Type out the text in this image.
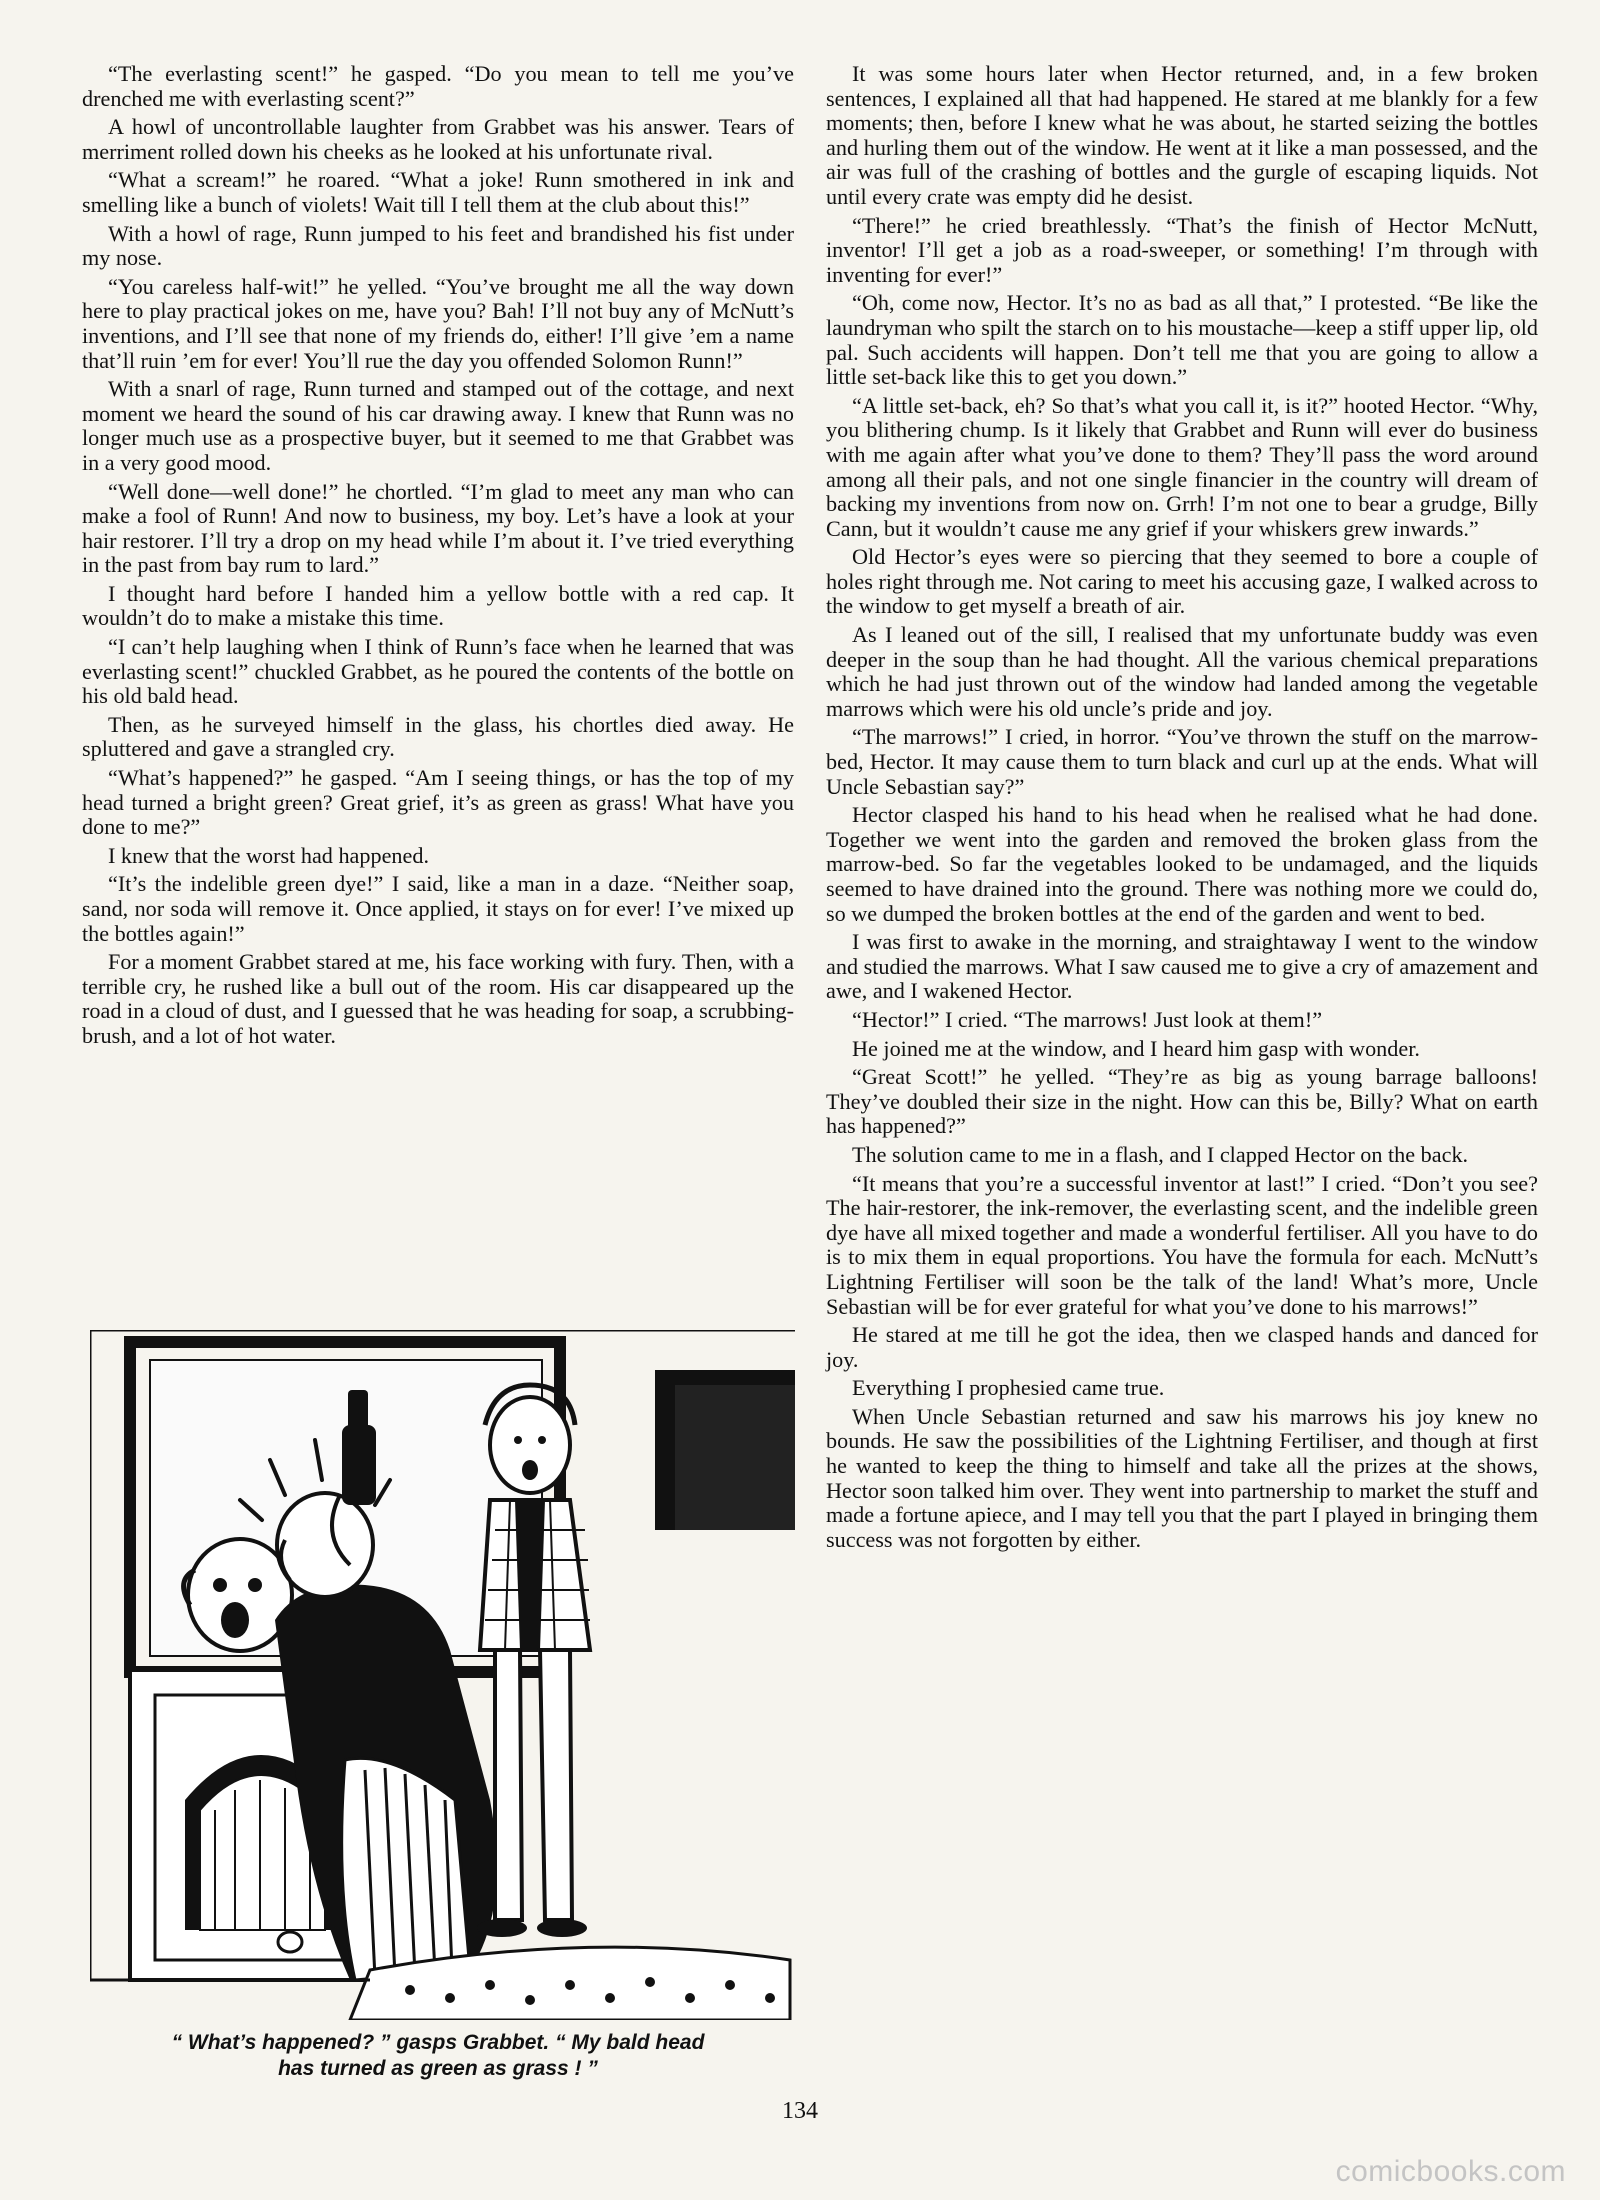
“The everlasting scent!” he gasped. “Do you mean to tell me you’ve drenched me with everlasting scent?”

A howl of uncontrollable laughter from Grabbet was his answer. Tears of merriment rolled down his cheeks as he looked at his unfortunate rival.

“What a scream!” he roared. “What a joke! Runn smothered in ink and smelling like a bunch of violets! Wait till I tell them at the club about this!”

With a howl of rage, Runn jumped to his feet and brandished his fist under my nose.

“You careless half-wit!” he yelled. “You’ve brought me all the way down here to play practical jokes on me, have you? Bah! I’ll not buy any of McNutt’s inventions, and I’ll see that none of my friends do, either! I’ll give ’em a name that’ll ruin ’em for ever! You’ll rue the day you offended Solomon Runn!”

With a snarl of rage, Runn turned and stamped out of the cottage, and next moment we heard the sound of his car drawing away. I knew that Runn was no longer much use as a prospective buyer, but it seemed to me that Grabbet was in a very good mood.

“Well done—well done!” he chortled. “I’m glad to meet any man who can make a fool of Runn! And now to business, my boy. Let’s have a look at your hair restorer. I’ll try a drop on my head while I’m about it. I’ve tried everything in the past from bay rum to lard.”

I thought hard before I handed him a yellow bottle with a red cap. It wouldn’t do to make a mistake this time.

“I can’t help laughing when I think of Runn’s face when he learned that was everlasting scent!” chuckled Grabbet, as he poured the contents of the bottle on his old bald head.

Then, as he surveyed himself in the glass, his chortles died away. He spluttered and gave a strangled cry.

“What’s happened?” he gasped. “Am I seeing things, or has the top of my head turned a bright green? Great grief, it’s as green as grass! What have you done to me?”

I knew that the worst had happened.

“It’s the indelible green dye!” I said, like a man in a daze. “Neither soap, sand, nor soda will remove it. Once applied, it stays on for ever! I’ve mixed up the bottles again!”

For a moment Grabbet stared at me, his face working with fury. Then, with a terrible cry, he rushed like a bull out of the room. His car disappeared up the road in a cloud of dust, and I guessed that he was heading for soap, a scrubbing-brush, and a lot of hot water.

“ What’s happened? ” gasps Grabbet. “ My bald head
has turned as green as grass ! ”

It was some hours later when Hector returned, and, in a few broken sentences, I explained all that had happened. He stared at me blankly for a few moments; then, before I knew what he was about, he started seizing the bottles and hurling them out of the window. He went at it like a man possessed, and the air was full of the crashing of bottles and the gurgle of escaping liquids. Not until every crate was empty did he desist.

“There!” he cried breathlessly. “That’s the finish of Hector McNutt, inventor! I’ll get a job as a road-sweeper, or something! I’m through with inventing for ever!”

“Oh, come now, Hector. It’s no as bad as all that,” I protested. “Be like the laundryman who spilt the starch on to his moustache—keep a stiff upper lip, old pal. Such accidents will happen. Don’t tell me that you are going to allow a little set-back like this to get you down.”

“A little set-back, eh? So that’s what you call it, is it?” hooted Hector. “Why, you blithering chump. Is it likely that Grabbet and Runn will ever do business with me again after what you’ve done to them? They’ll pass the word around among all their pals, and not one single financier in the country will dream of backing my inventions from now on. Grrh! I’m not one to bear a grudge, Billy Cann, but it wouldn’t cause me any grief if your whiskers grew inwards.”

Old Hector’s eyes were so piercing that they seemed to bore a couple of holes right through me. Not caring to meet his accusing gaze, I walked across to the window to get myself a breath of air.

As I leaned out of the sill, I realised that my unfortunate buddy was even deeper in the soup than he had thought. All the various chemical preparations which he had just thrown out of the window had landed among the vegetable marrows which were his old uncle’s pride and joy.

“The marrows!” I cried, in horror. “You’ve thrown the stuff on the marrow-bed, Hector. It may cause them to turn black and curl up at the ends. What will Uncle Sebastian say?”

Hector clasped his hand to his head when he realised what he had done. Together we went into the garden and removed the broken glass from the marrow-bed. So far the vegetables looked to be undamaged, and the liquids seemed to have drained into the ground. There was nothing more we could do, so we dumped the broken bottles at the end of the garden and went to bed.

I was first to awake in the morning, and straightaway I went to the window and studied the marrows. What I saw caused me to give a cry of amazement and awe, and I wakened Hector.

“Hector!” I cried. “The marrows! Just look at them!”

He joined me at the window, and I heard him gasp with wonder.

“Great Scott!” he yelled. “They’re as big as young barrage balloons! They’ve doubled their size in the night. How can this be, Billy? What on earth has happened?”

The solution came to me in a flash, and I clapped Hector on the back.

“It means that you’re a successful inventor at last!” I cried. “Don’t you see? The hair-restorer, the ink-remover, the everlasting scent, and the indelible green dye have all mixed together and made a wonderful fertiliser. All you have to do is to mix them in equal proportions. You have the formula for each. McNutt’s Lightning Fertiliser will soon be the talk of the land! What’s more, Uncle Sebastian will be for ever grateful for what you’ve done to his marrows!”

He stared at me till he got the idea, then we clasped hands and danced for joy.

Everything I prophesied came true.

When Uncle Sebastian returned and saw his marrows his joy knew no bounds. He saw the possibilities of the Lightning Fertiliser, and though at first he wanted to keep the thing to himself and take all the prizes at the shows, Hector soon talked him over. They went into partnership to market the stuff and made a fortune apiece, and I may tell you that the part I played in bringing them success was not forgotten by either.

134
comicbooks.com
